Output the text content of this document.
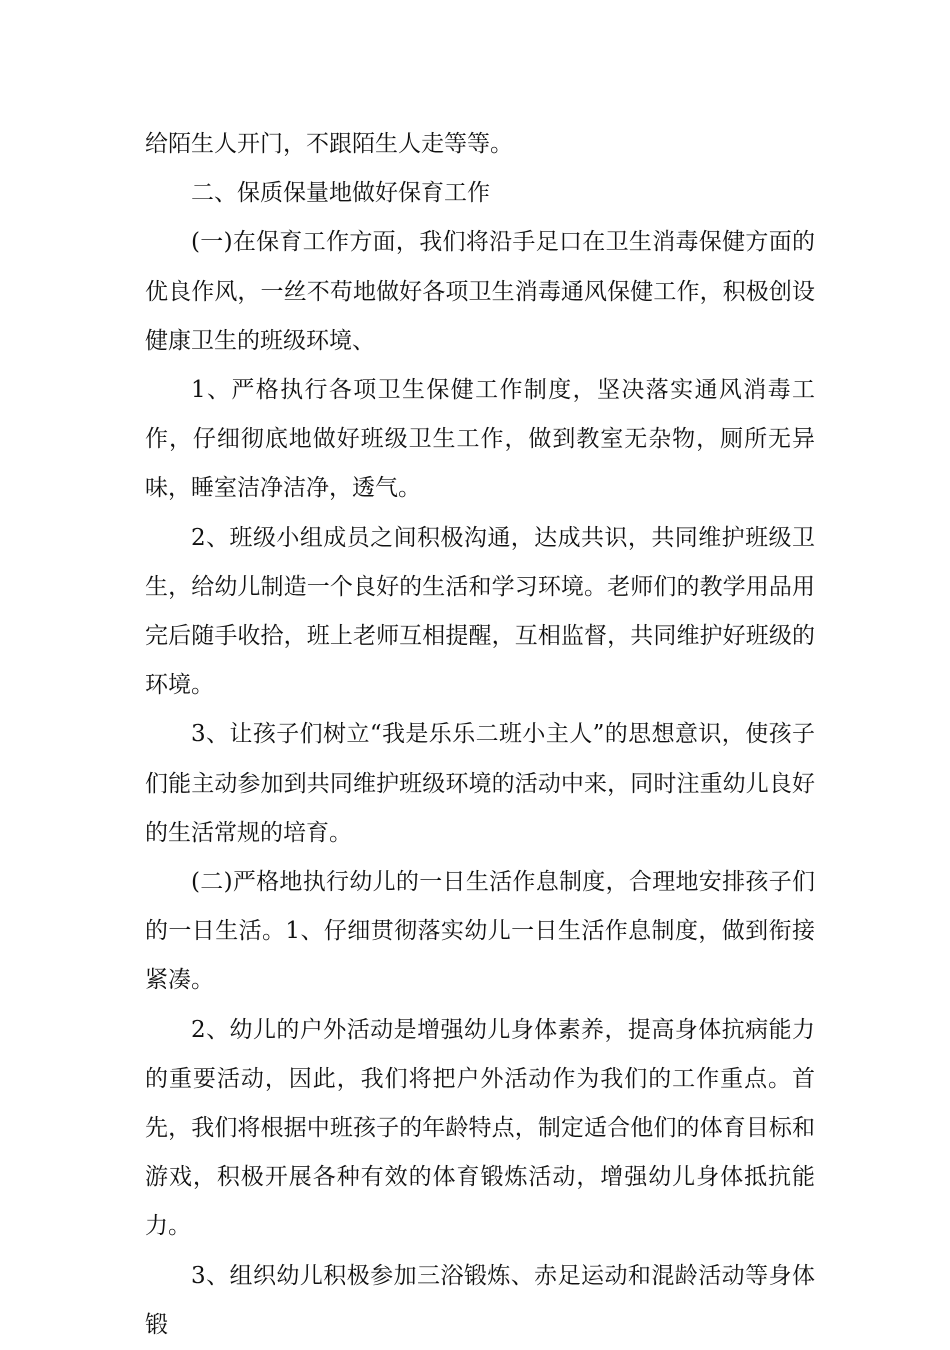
给陌生人开门，不跟陌生人走等等。

二、保质保量地做好保育工作

(一)在保育工作方面，我们将沿手足口在卫生消毒保健方面的优良作风，一丝不苟地做好各项卫生消毒通风保健工作，积极创设健康卫生的班级环境、

1、严格执行各项卫生保健工作制度，坚决落实通风消毒工作，仔细彻底地做好班级卫生工作，做到教室无杂物，厕所无异味，睡室洁净洁净，透气。

2、班级小组成员之间积极沟通，达成共识，共同维护班级卫生，给幼儿制造一个良好的生活和学习环境。老师们的教学用品用完后随手收拾，班上老师互相提醒，互相监督，共同维护好班级的环境。

3、让孩子们树立“我是乐乐二班小主人”的思想意识，使孩子们能主动参加到共同维护班级环境的活动中来，同时注重幼儿良好的生活常规的培育。

(二)严格地执行幼儿的一日生活作息制度，合理地安排孩子们的一日生活。1、仔细贯彻落实幼儿一日生活作息制度，做到衔接紧凑。

2、幼儿的户外活动是增强幼儿身体素养，提高身体抗病能力的重要活动，因此，我们将把户外活动作为我们的工作重点。首先，我们将根据中班孩子的年龄特点，制定适合他们的体育目标和游戏，积极开展各种有效的体育锻炼活动，增强幼儿身体抵抗能力。

3、组织幼儿积极参加三浴锻炼、赤足运动和混龄活动等身体锻
